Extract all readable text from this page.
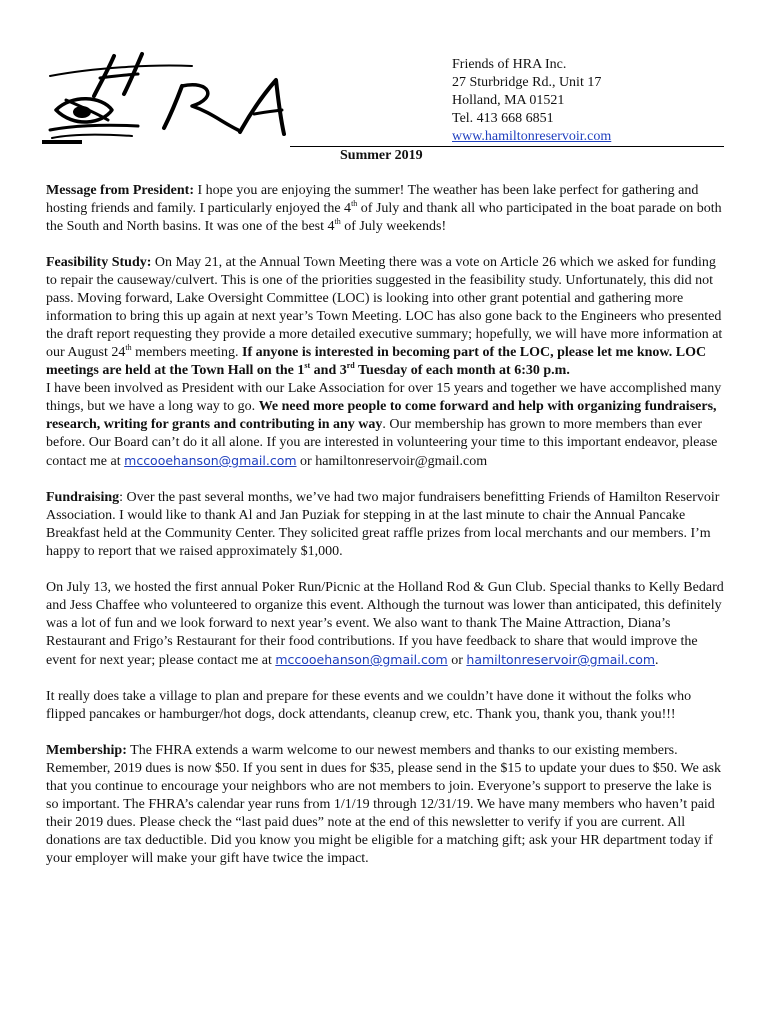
Friends of HRA Inc.
27 Sturbridge Rd., Unit 17
Holland, MA 01521
Tel. 413 668 6851
www.hamiltonreservoir.com
Summer 2019

Message from President: I hope you are enjoying the summer! The weather has been lake perfect for gathering and hosting friends and family. I particularly enjoyed the 4th of July and thank all who participated in the boat parade on both the South and North basins. It was one of the best 4th of July weekends!

Feasibility Study: On May 21, at the Annual Town Meeting there was a vote on Article 26 which we asked for funding to repair the causeway/culvert. This is one of the priorities suggested in the feasibility study. Unfortunately, this did not pass. Moving forward, Lake Oversight Committee (LOC) is looking into other grant potential and gathering more information to bring this up again at next year’s Town Meeting. LOC has also gone back to the Engineers who presented the draft report requesting they provide a more detailed executive summary; hopefully, we will have more information at our August 24th members meeting. If anyone is interested in becoming part of the LOC, please let me know. LOC meetings are held at the Town Hall on the 1st and 3rd Tuesday of each month at 6:30 p.m.

I have been involved as President with our Lake Association for over 15 years and together we have accomplished many things, but we have a long way to go. We need more people to come forward and help with organizing fundraisers, research, writing for grants and contributing in any way. Our membership has grown to more members than ever before. Our Board can’t do it all alone. If you are interested in volunteering your time to this important endeavor, please contact me at mccooehanson@gmail.com or hamiltonreservoir@gmail.com

Fundraising: Over the past several months, we’ve had two major fundraisers benefitting Friends of Hamilton Reservoir Association. I would like to thank Al and Jan Puziak for stepping in at the last minute to chair the Annual Pancake Breakfast held at the Community Center. They solicited great raffle prizes from local merchants and our members. I’m happy to report that we raised approximately $1,000.

On July 13, we hosted the first annual Poker Run/Picnic at the Holland Rod & Gun Club. Special thanks to Kelly Bedard and Jess Chaffee who volunteered to organize this event. Although the turnout was lower than anticipated, this definitely was a lot of fun and we look forward to next year’s event. We also want to thank The Maine Attraction, Diana’s Restaurant and Frigo’s Restaurant for their food contributions. If you have feedback to share that would improve the event for next year; please contact me at mccooehanson@gmail.com or hamiltonreservoir@gmail.com.

It really does take a village to plan and prepare for these events and we couldn’t have done it without the folks who flipped pancakes or hamburger/hot dogs, dock attendants, cleanup crew, etc. Thank you, thank you, thank you!!!

Membership: The FHRA extends a warm welcome to our newest members and thanks to our existing members. Remember, 2019 dues is now $50. If you sent in dues for $35, please send in the $15 to update your dues to $50. We ask that you continue to encourage your neighbors who are not members to join. Everyone’s support to preserve the lake is so important. The FHRA’s calendar year runs from 1/1/19 through 12/31/19. We have many members who haven’t paid their 2019 dues. Please check the “last paid dues” note at the end of this newsletter to verify if you are current. All donations are tax deductible. Did you know you might be eligible for a matching gift; ask your HR department today if your employer will make your gift have twice the impact.
